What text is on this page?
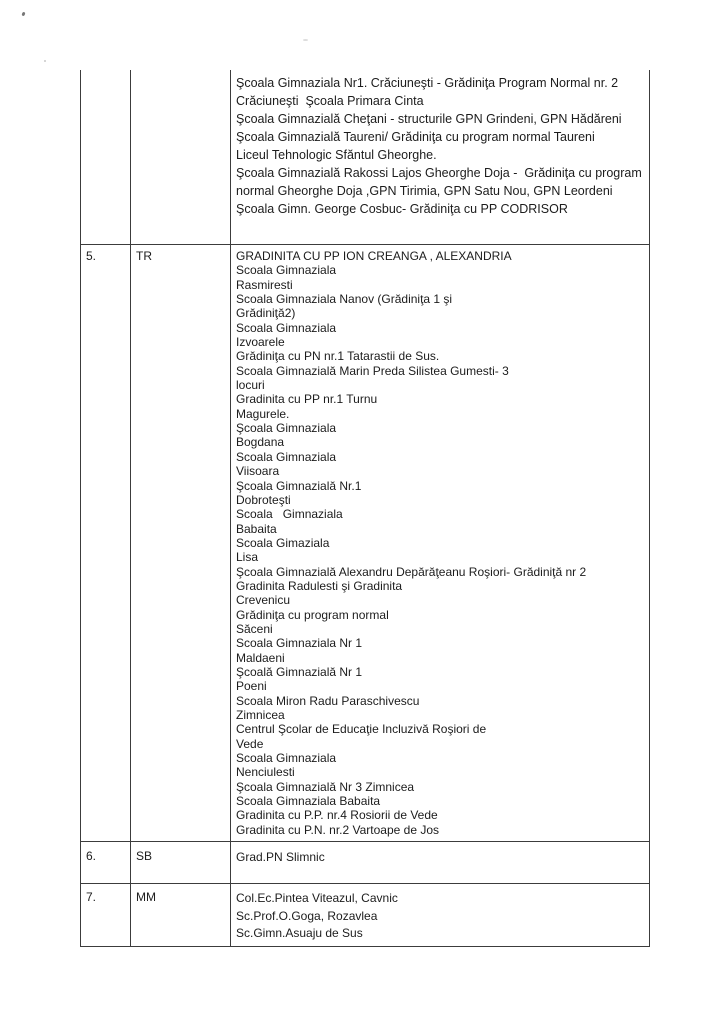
Şcoala Gimnaziala Nr1. Crăciuneşti - Grădiniţa Program Normal nr. 2
Crăciuneşti  Şcoala Primara Cinta
Şcoala Gimnazială Cheţani - structurile GPN Grindeni, GPN Hădăreni
Şcoala Gimnazială Taureni/ Grădiniţa cu program normal Taureni
Liceul Tehnologic Sfăntul Gheorghe.
Şcoala Gimnazială Rakossi Lajos Gheorghe Doja -  Grădiniţa cu program
normal Gheorghe Doja ,GPN Tirimia, GPN Satu Nou, GPN Leordeni
Şcoala Gimn. George Cosbuc- Grădiniţa cu PP CODRISOR
5.	TR	GRADINITA CU PP ION CREANGA , ALEXANDRIA
Scoala Gimnaziala
Rasmiresti
Scoala Gimnaziala Nanov (Grădiniţa 1 şi
Grădiniţă2)
Scoala Gimnaziala
Izvoarele
Grădiniţa cu PN nr.1 Tatarastii de Sus.
Scoala Gimnazială Marin Preda Silistea Gumesti- 3
locuri
Gradinita cu PP nr.1 Turnu
Magurele.
Şcoala Gimnaziala
Bogdana
Scoala Gimnaziala
Viisoara
Şcoala Gimnazială Nr.1
Dobroteşti
Scoala   Gimnaziala
Babaita
Scoala Gimaziala
Lisa
Şcoala Gimnazială Alexandru Depărăţeanu Roşiori- Grădiniţă nr 2
Gradinita Radulesti şi Gradinita
Crevenicu
Grădiniţa cu program normal
Săceni
Scoala Gimnaziala Nr 1
Maldaeni
Şcoală Gimnazială Nr 1
Poeni
Scoala Miron Radu Paraschivescu
Zimnicea
Centrul Şcolar de Educaţie Incluzivă Roşiori de
Vede
Scoala Gimnaziala
Nenciulesti
Şcoala Gimnazială Nr 3 Zimnicea
Scoala Gimnaziala Babaita
Gradinita cu P.P. nr.4 Rosiorii de Vede
Gradinita cu P.N. nr.2 Vartoape de Jos
6.	SB	Grad.PN Slimnic
7.	MM	Col.Ec.Pintea Viteazul, Cavnic
Sc.Prof.O.Goga, Rozavlea
Sc.Gimn.Asuaju de Sus
